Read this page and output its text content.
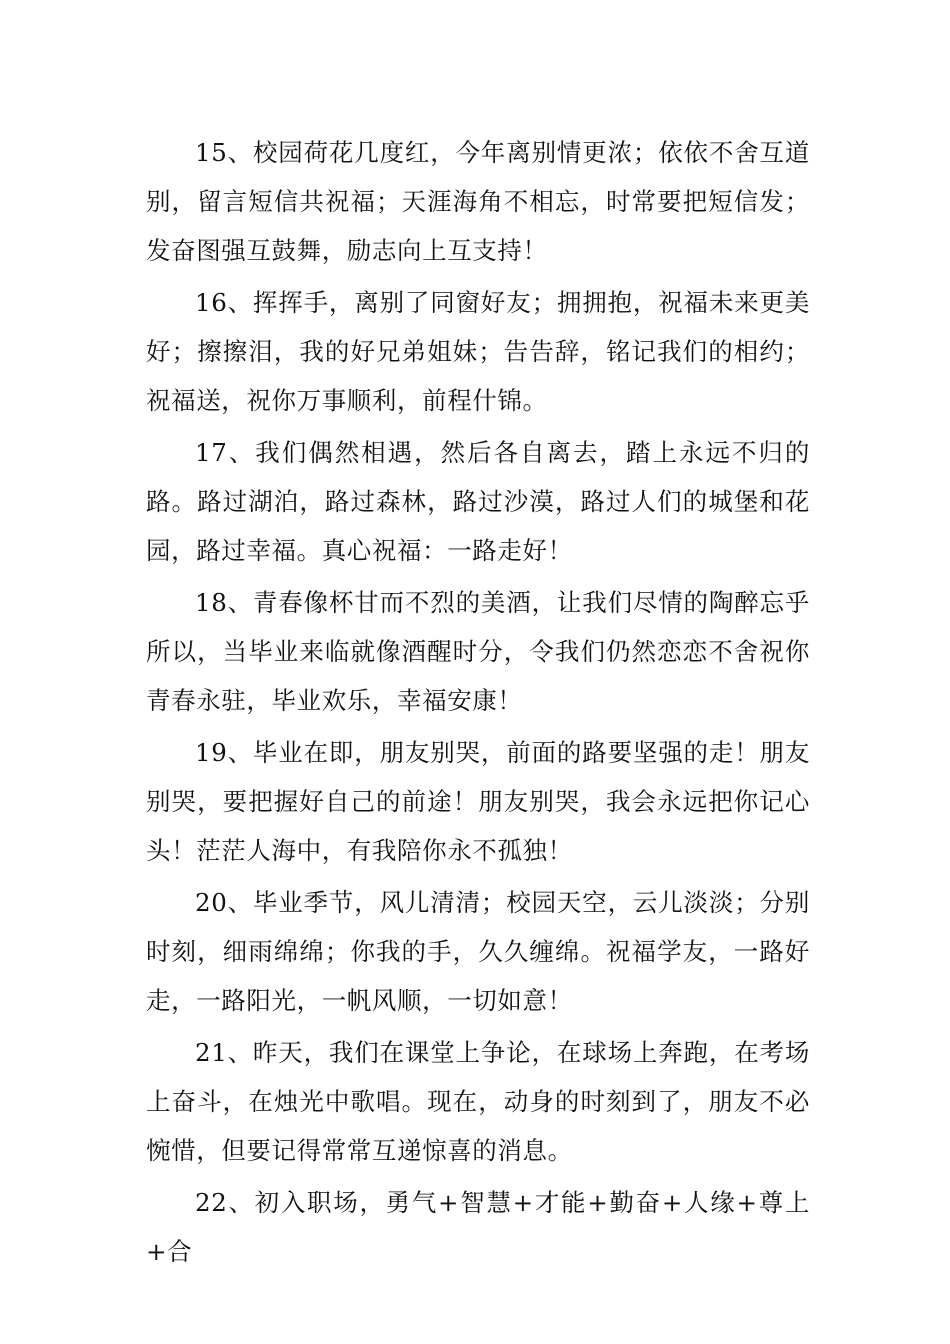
15、校园荷花几度红，今年离别情更浓；依依不舍互道别，留言短信共祝福；天涯海角不相忘，时常要把短信发；发奋图强互鼓舞，励志向上互支持！

16、挥挥手，离别了同窗好友；拥拥抱，祝福未来更美好；擦擦泪，我的好兄弟姐妹；告告辞，铭记我们的相约；祝福送，祝你万事顺利，前程什锦。

17、我们偶然相遇，然后各自离去，踏上永远不归的路。路过湖泊，路过森林，路过沙漠，路过人们的城堡和花园，路过幸福。真心祝福：一路走好！

18、青春像杯甘而不烈的美酒，让我们尽情的陶醉忘乎所以，当毕业来临就像酒醒时分，令我们仍然恋恋不舍祝你青春永驻，毕业欢乐，幸福安康！

19、毕业在即，朋友别哭，前面的路要坚强的走！朋友别哭，要把握好自己的前途！朋友别哭，我会永远把你记心头！茫茫人海中，有我陪你永不孤独！

20、毕业季节，风儿清清；校园天空，云儿淡淡；分别时刻，细雨绵绵；你我的手，久久缠绵。祝福学友，一路好走，一路阳光，一帆风顺，一切如意！

21、昨天，我们在课堂上争论，在球场上奔跑，在考场上奋斗，在烛光中歌唱。现在，动身的时刻到了，朋友不必惋惜，但要记得常常互递惊喜的消息。

22、初入职场，勇气+智慧+才能+勤奋+人缘+尊上+合
